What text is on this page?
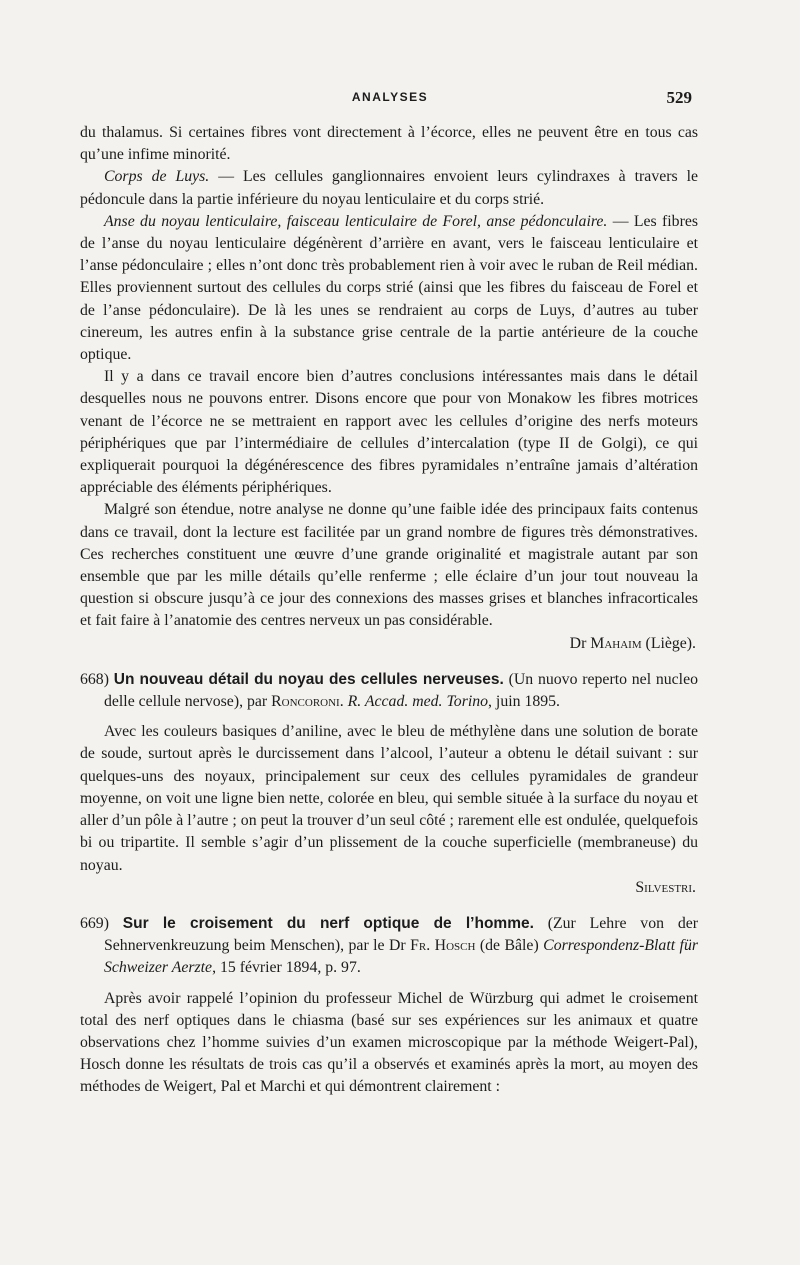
ANALYSES	529

du thalamus. Si certaines fibres vont directement à l’écorce, elles ne peuvent être en tous cas qu’une infime minorité.

Corps de Luys. — Les cellules ganglionnaires envoient leurs cylindraxes à travers le pédoncule dans la partie inférieure du noyau lenticulaire et du corps strié.

Anse du noyau lenticulaire, faisceau lenticulaire de Forel, anse pédonculaire. — Les fibres de l’anse du noyau lenticulaire dégénèrent d’arrière en avant, vers le faisceau lenticulaire et l’anse pédonculaire ; elles n’ont donc très probablement rien à voir avec le ruban de Reil médian. Elles proviennent surtout des cellules du corps strié (ainsi que les fibres du faisceau de Forel et de l’anse pédonculaire). De là les unes se rendraient au corps de Luys, d’autres au tuber cinereum, les autres enfin à la substance grise centrale de la partie antérieure de la couche optique.

Il y a dans ce travail encore bien d’autres conclusions intéressantes mais dans le détail desquelles nous ne pouvons entrer. Disons encore que pour von Monakow les fibres motrices venant de l’écorce ne se mettraient en rapport avec les cellules d’origine des nerfs moteurs périphériques que par l’intermédiaire de cellules d’intercalation (type II de Golgi), ce qui expliquerait pourquoi la dégénérescence des fibres pyramidales n’entraîne jamais d’altération appréciable des éléments périphériques.

Malgré son étendue, notre analyse ne donne qu’une faible idée des principaux faits contenus dans ce travail, dont la lecture est facilitée par un grand nombre de figures très démonstratives. Ces recherches constituent une œuvre d’une grande originalité et magistrale autant par son ensemble que par les mille détails qu’elle renferme ; elle éclaire d’un jour tout nouveau la question si obscure jusqu’à ce jour des connexions des masses grises et blanches infracorticales et fait faire à l’anatomie des centres nerveux un pas considérable.

Dr Mahaim (Liège).

668) Un nouveau détail du noyau des cellules nerveuses. (Un nuovo reperto nel nucleo delle cellule nervose), par Roncoroni. R. Accad. med. Torino, juin 1895.

Avec les couleurs basiques d’aniline, avec le bleu de méthylène dans une solution de borate de soude, surtout après le durcissement dans l’alcool, l’auteur a obtenu le détail suivant : sur quelques-uns des noyaux, principalement sur ceux des cellules pyramidales de grandeur moyenne, on voit une ligne bien nette, colorée en bleu, qui semble située à la surface du noyau et aller d’un pôle à l’autre ; on peut la trouver d’un seul côté ; rarement elle est ondulée, quelquefois bi ou tripartite. Il semble s’agir d’un plissement de la couche superficielle (membraneuse) du noyau.

Silvestri.

669) Sur le croisement du nerf optique de l’homme. (Zur Lehre von der Sehnervenkreuzung beim Menschen), par le Dr Fr. Hosch (de Bâle) Correspondenz-Blatt für Schweizer Aerzte, 15 février 1894, p. 97.

Après avoir rappelé l’opinion du professeur Michel de Würzburg qui admet le croisement total des nerf optiques dans le chiasma (basé sur ses expériences sur les animaux et quatre observations chez l’homme suivies d’un examen microscopique par la méthode Weigert-Pal), Hosch donne les résultats de trois cas qu’il a observés et examinés après la mort, au moyen des méthodes de Weigert, Pal et Marchi et qui démontrent clairement :
